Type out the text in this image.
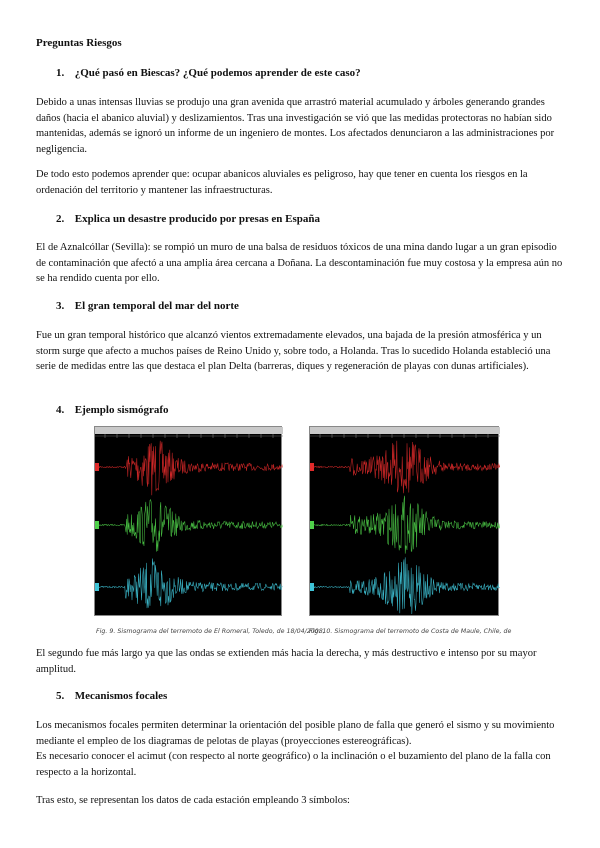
Preguntas Riesgos
1. ¿Qué pasó en Biescas? ¿Qué podemos aprender de este caso?
Debido a unas intensas lluvias se produjo una gran avenida que arrastró material acumulado y árboles generando grandes daños (hacia el abanico aluvial) y deslizamientos. Tras una investigación se vió que las medidas protectoras no habían sido mantenidas, además se ignoró un informe de un ingeniero de montes. Los afectados denunciaron a las administraciones por negligencia.
De todo esto podemos aprender que: ocupar abanicos aluviales es peligroso, hay que tener en cuenta los riesgos en la ordenación del territorio y mantener las infraestructuras.
2. Explica un desastre producido por presas en España
El de Aznalcóllar (Sevilla): se rompió un muro de una balsa de residuos tóxicos de una mina dando lugar a un gran episodio de contaminación que afectó a una amplia área cercana a Doñana. La descontaminación fue muy costosa y la empresa aún no se ha rendido cuenta por ello.
3. El gran temporal del mar del norte
Fue un gran temporal histórico que alcanzó vientos extremadamente elevados, una bajada de la presión atmosférica y un storm surge que afecto a muchos países de Reino Unido y, sobre todo, a Holanda. Tras lo sucedido Holanda estableció una serie de medidas entre las que destaca el plan Delta (barreras, diques y regeneración de playas con dunas artificiales).
4. Ejemplo sismógrafo
Fig. 9. Sismograma del terremoto de El Romeral, Toledo, de 18/04/2008,
Fig. 10. Sismograma del terremoto de Costa de Maule, Chile, de
El segundo fue más largo ya que las ondas se extienden más hacia la derecha, y más destructivo e intenso por su mayor amplitud.
5. Mecanismos focales
Los mecanismos focales permiten determinar la orientación del posible plano de falla que generó el sismo y su movimiento mediante el empleo de los diagramas de pelotas de playas (proyecciones estereográficas).
Es necesario conocer el acimut (con respecto al norte geográfico) o la inclinación o el buzamiento del plano de la falla con respecto a la horizontal.
Tras esto, se representan los datos de cada estación empleando 3 símbolos:
